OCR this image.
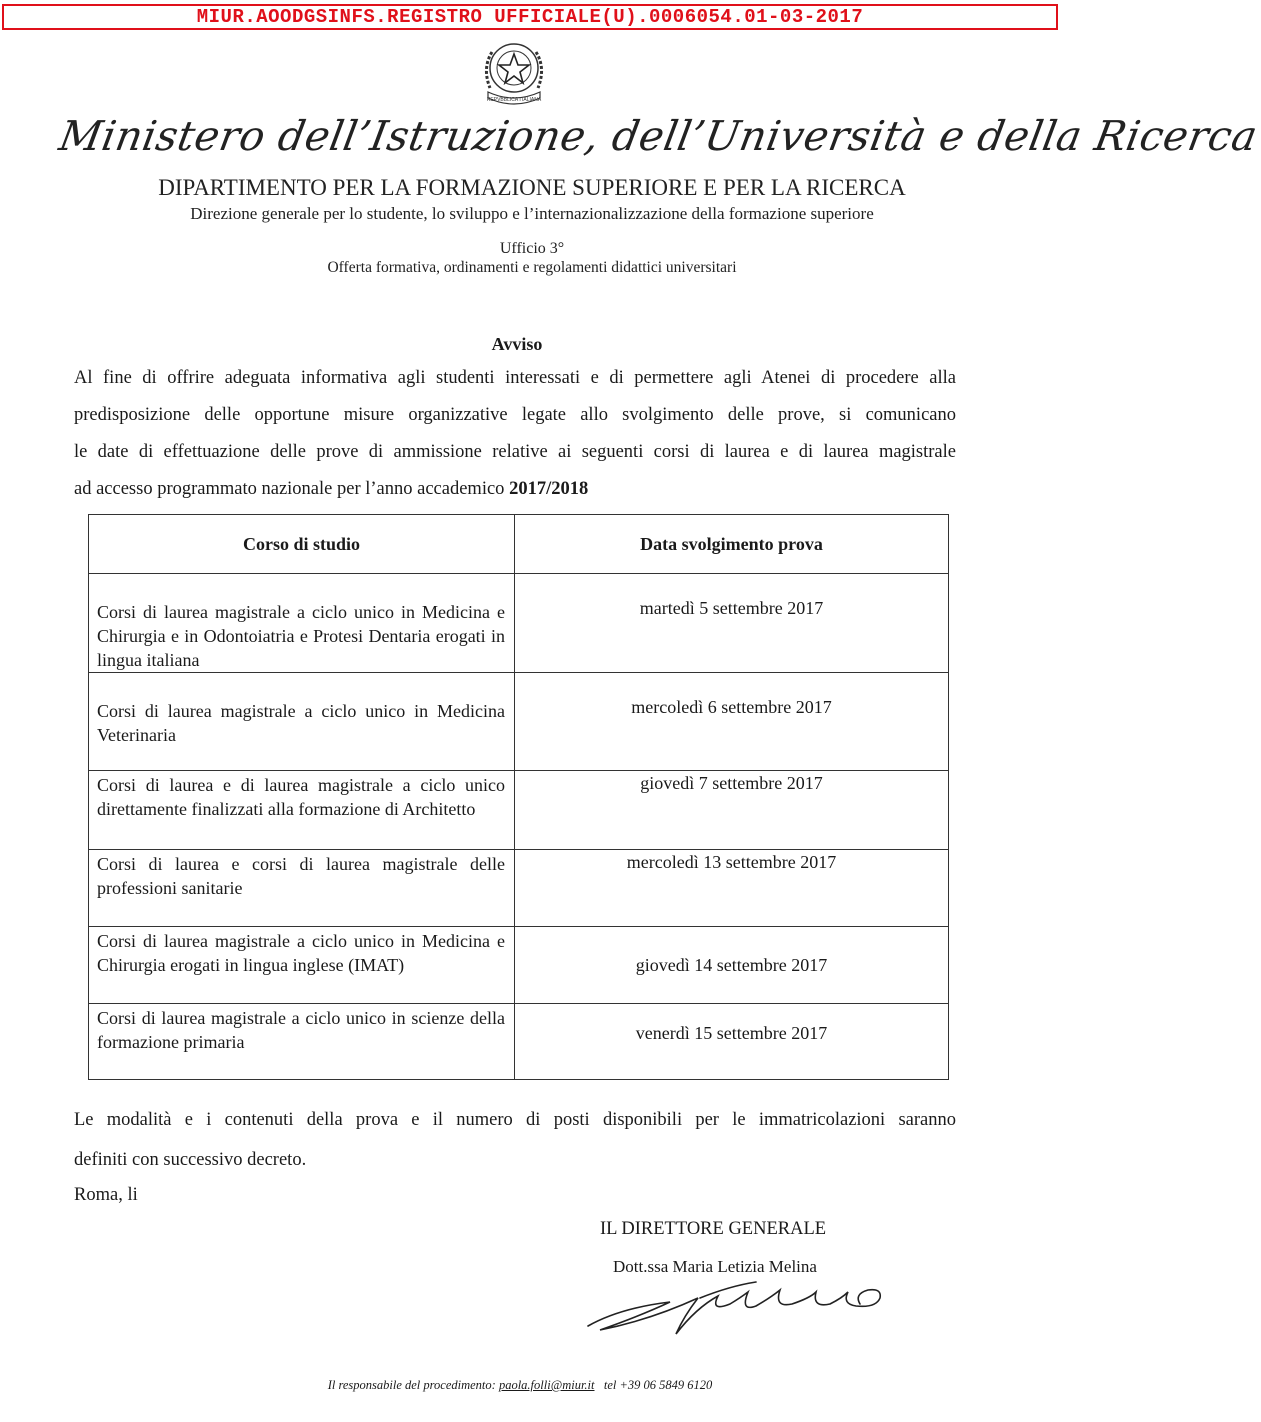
MIUR.AOODGSINFS.REGISTRO UFFICIALE(U).0006054.01-03-2017
REPVBBLICA ITALIANA
Ministero dell’Istruzione, dell’Università e della Ricerca
DIPARTIMENTO PER LA FORMAZIONE SUPERIORE E PER LA RICERCA
Direzione generale per lo studente, lo sviluppo e l’internazionalizzazione della formazione superiore
Ufficio 3°
Offerta formativa, ordinamenti e regolamenti didattici universitari
Avviso
Al fine di offrire adeguata informativa agli studenti interessati e di permettere agli Atenei di procedere alla
predisposizione delle opportune misure organizzative legate allo svolgimento delle prove, si comunicano
le date di effettuazione delle prove di ammissione relative ai seguenti corsi di laurea e di laurea magistrale
ad accesso programmato nazionale per l’anno accademico 2017/2018
Corso di studio	Data svolgimento prova
Corsi di laurea magistrale a ciclo unico in Medicina e Chirurgia e in Odontoiatria e Protesi Dentaria erogati in lingua italiana	martedì 5 settembre 2017
Corsi di laurea magistrale a ciclo unico in Medicina Veterinaria	mercoledì 6 settembre 2017
Corsi di laurea e di laurea magistrale a ciclo unico direttamente finalizzati alla formazione di Architetto	giovedì 7 settembre 2017
Corsi di laurea e corsi di laurea magistrale delle professioni sanitarie	mercoledì 13 settembre 2017
Corsi di laurea magistrale a ciclo unico in Medicina e Chirurgia erogati in lingua inglese (IMAT)	giovedì 14 settembre 2017
Corsi di laurea magistrale a ciclo unico in scienze della formazione primaria	venerdì 15 settembre 2017
Le modalità e i contenuti della prova e il numero di posti disponibili per le immatricolazioni saranno
definiti con successivo decreto.
Roma, li
IL DIRETTORE GENERALE
Dott.ssa Maria Letizia Melina
Il responsabile del procedimento: paola.folli@miur.it tel +39 06 5849 6120
